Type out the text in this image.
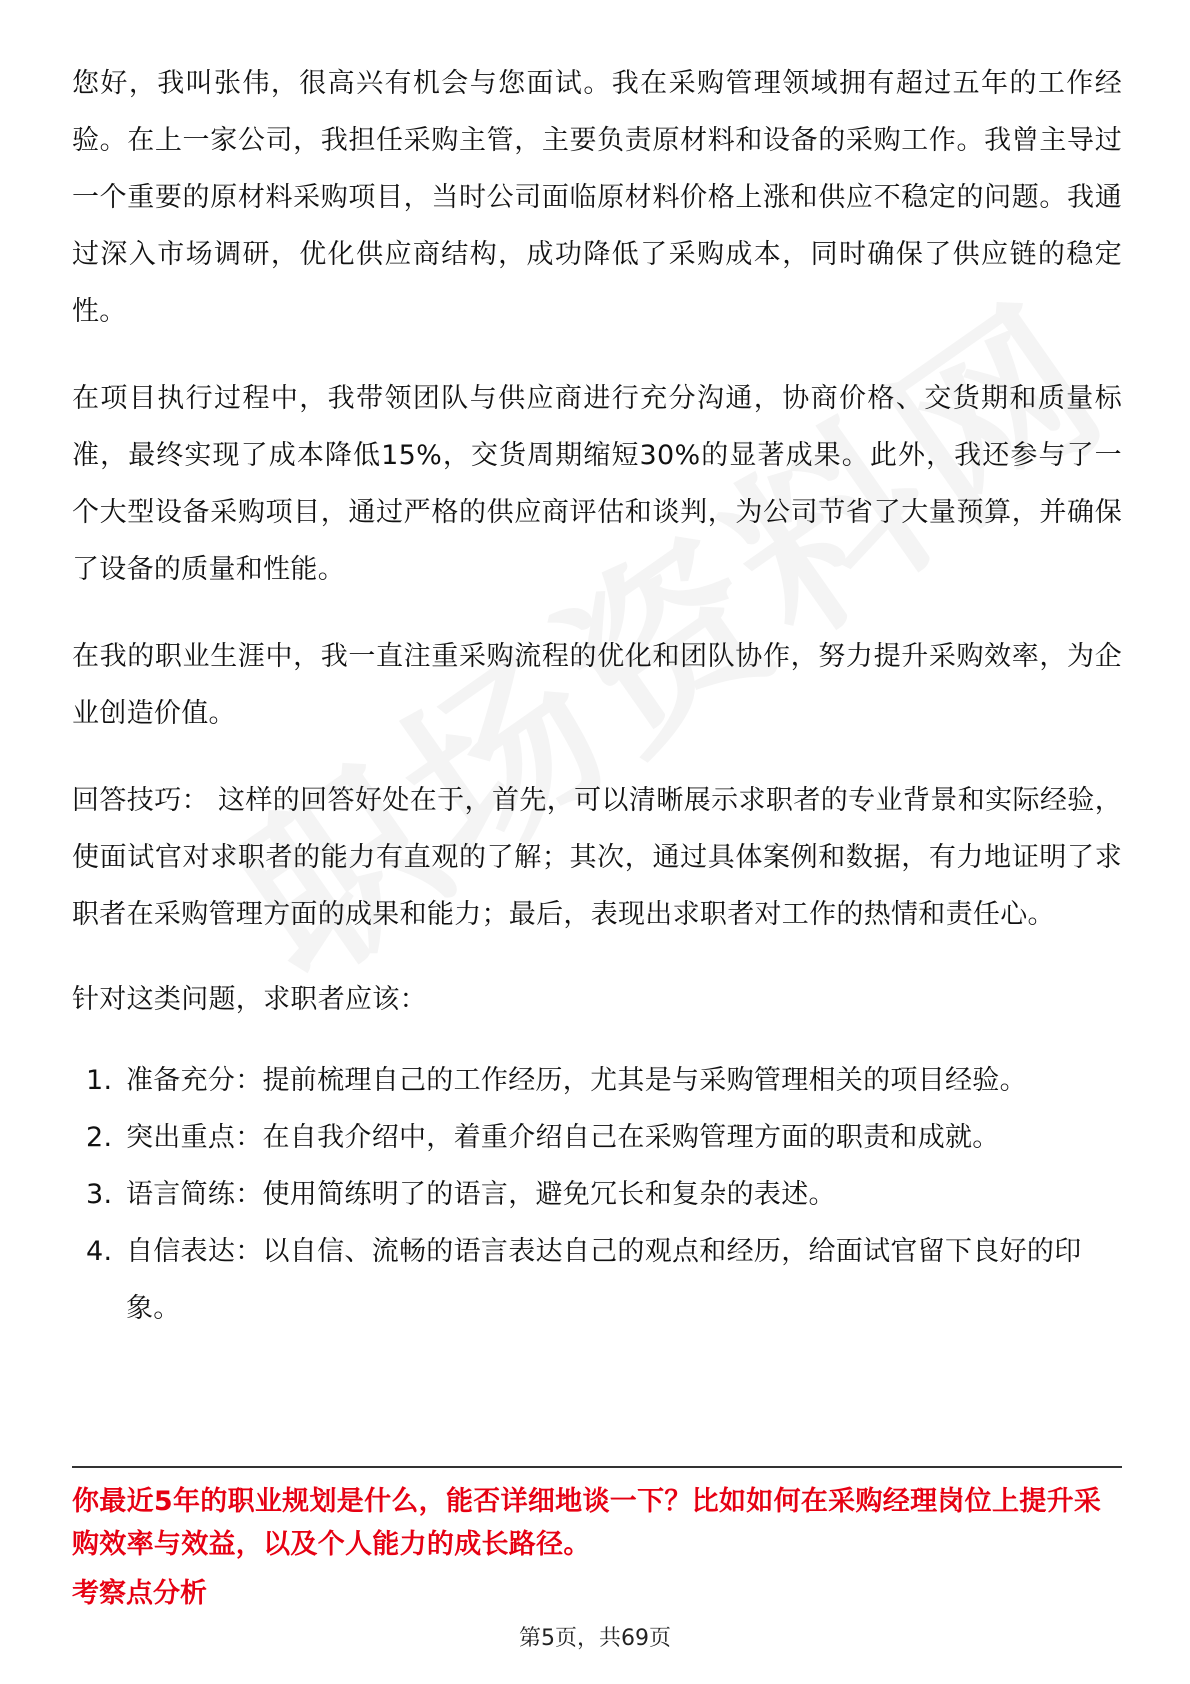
您好，我叫张伟，很高兴有机会与您面试。我在采购管理领域拥有超过五年的工作经验。在上一家公司，我担任采购主管，主要负责原材料和设备的采购工作。我曾主导过一个重要的原材料采购项目，当时公司面临原材料价格上涨和供应不稳定的问题。我通过深入市场调研，优化供应商结构，成功降低了采购成本，同时确保了供应链的稳定性。

在项目执行过程中，我带领团队与供应商进行充分沟通，协商价格、交货期和质量标准，最终实现了成本降低15%，交货周期缩短30%的显著成果。此外，我还参与了一个大型设备采购项目，通过严格的供应商评估和谈判，为公司节省了大量预算，并确保了设备的质量和性能。

在我的职业生涯中，我一直注重采购流程的优化和团队协作，努力提升采购效率，为企业创造价值。

回答技巧： 这样的回答好处在于，首先，可以清晰展示求职者的专业背景和实际经验，使面试官对求职者的能力有直观的了解；其次，通过具体案例和数据，有力地证明了求职者在采购管理方面的成果和能力；最后，表现出求职者对工作的热情和责任心。

针对这类问题，求职者应该：

1. 准备充分：提前梳理自己的工作经历，尤其是与采购管理相关的项目经验。
2. 突出重点：在自我介绍中，着重介绍自己在采购管理方面的职责和成就。
3. 语言简练：使用简练明了的语言，避免冗长和复杂的表述。
4. 自信表达：以自信、流畅的语言表达自己的观点和经历，给面试官留下良好的印象。

你最近5年的职业规划是什么，能否详细地谈一下？比如如何在采购经理岗位上提升采购效率与效益，以及个人能力的成长路径。

考察点分析

第5页，共69页
